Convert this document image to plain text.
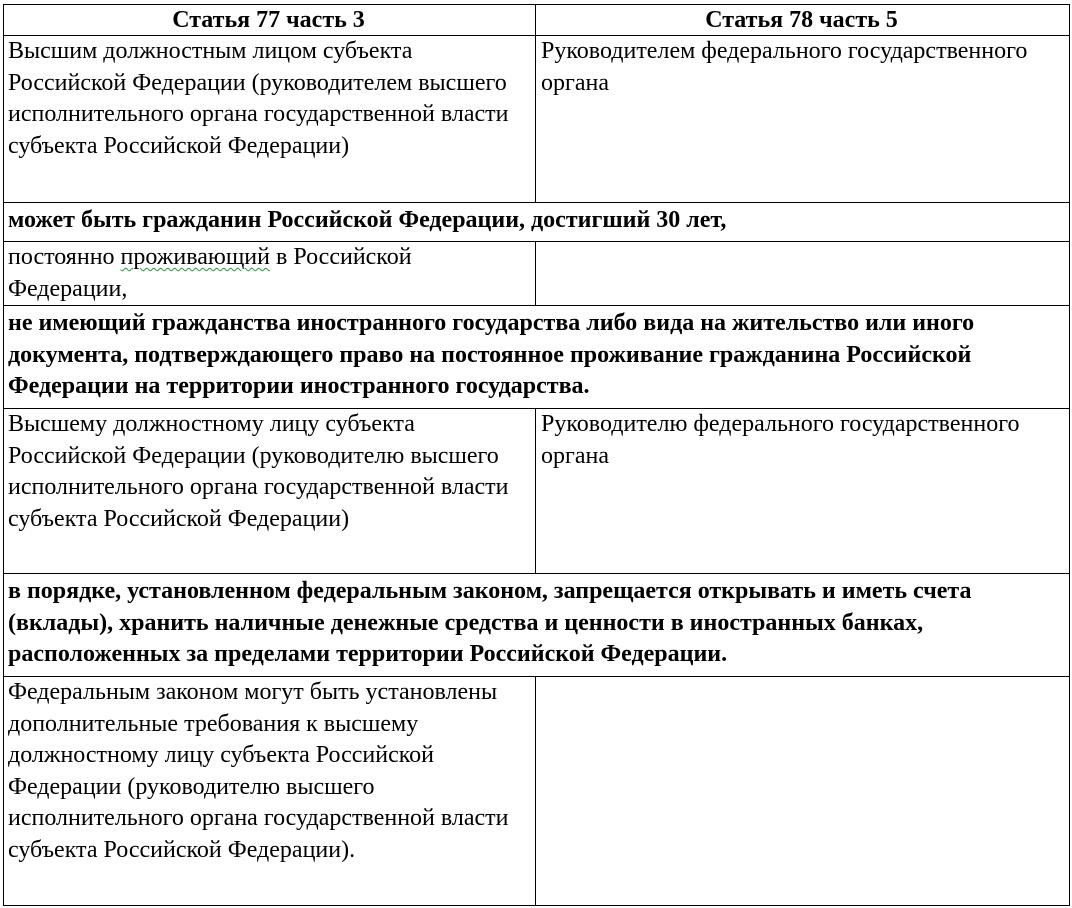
Статья 77 часть 3	Статья 78 часть 5
Высшим должностным лицом субъекта Российской Федерации (руководителем высшего исполнительного органа государственной власти субъекта Российской Федерации)	Руководителем федерального государственного органа
может быть гражданин Российской Федерации, достигший 30 лет,	
постоянно проживающий в Российской Федерации,	
не имеющий гражданства иностранного государства либо вида на жительство или иного документа, подтверждающего право на постоянное проживание гражданина Российской Федерации на территории иностранного государства.	
Высшему должностному лицу субъекта Российской Федерации (руководителю высшего исполнительного органа государственной власти субъекта Российской Федерации)	Руководителю федерального государственного органа
в порядке, установленном федеральным законом, запрещается открывать и иметь счета (вклады), хранить наличные денежные средства и ценности в иностранных банках, расположенных за пределами территории Российской Федерации.	
Федеральным законом могут быть установлены дополнительные требования к высшему должностному лицу субъекта Российской Федерации (руководителю высшего исполнительного органа государственной власти субъекта Российской Федерации).	
